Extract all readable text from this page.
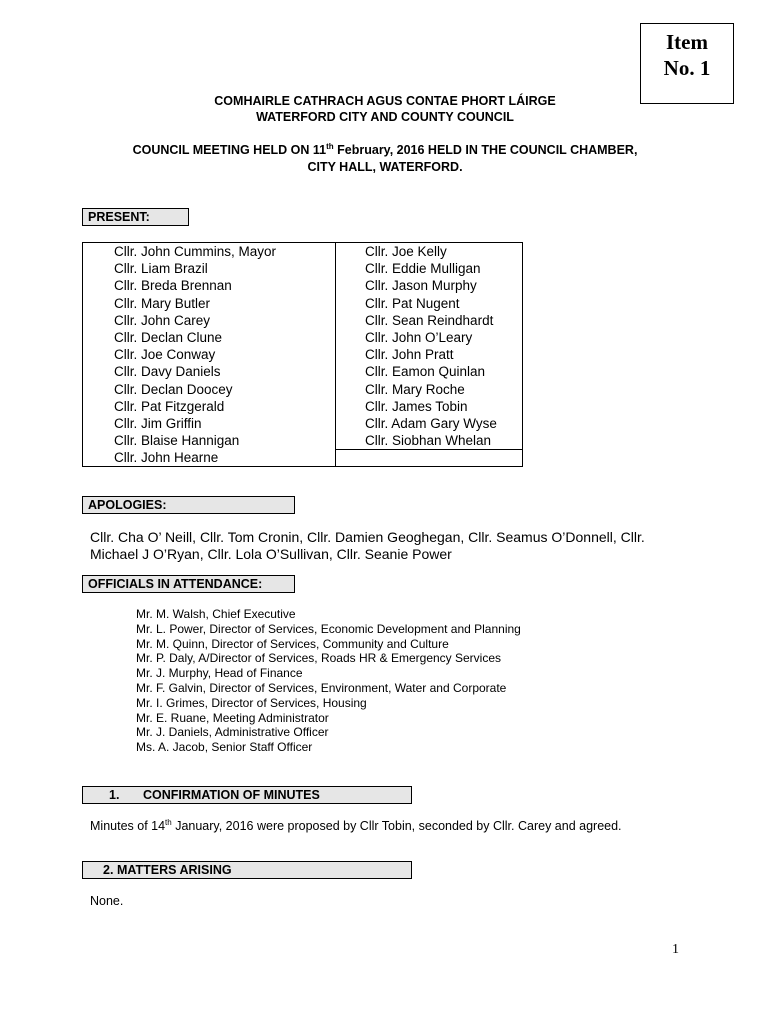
Item
No. 1
COMHAIRLE CATHRACH AGUS CONTAE PHORT LÁIRGE
WATERFORD CITY AND COUNTY COUNCIL
COUNCIL MEETING HELD ON 11th February, 2016 HELD IN THE COUNCIL CHAMBER,
CITY HALL, WATERFORD.
PRESENT:
Cllr. John Cummins, Mayor
Cllr. Liam Brazil
Cllr. Breda Brennan
Cllr. Mary Butler
Cllr. John Carey
Cllr. Declan Clune
Cllr. Joe Conway
Cllr. Davy Daniels
Cllr. Declan Doocey
Cllr. Pat Fitzgerald
Cllr. Jim Griffin
Cllr. Blaise Hannigan
Cllr. John Hearne
Cllr. Joe Kelly
Cllr. Eddie Mulligan
Cllr. Jason Murphy
Cllr. Pat Nugent
Cllr. Sean Reindhardt
Cllr. John O’Leary
Cllr. John Pratt
Cllr. Eamon Quinlan
Cllr. Mary Roche
Cllr. James Tobin
Cllr. Adam Gary Wyse
Cllr. Siobhan Whelan
APOLOGIES:
Cllr. Cha O’ Neill, Cllr. Tom Cronin, Cllr. Damien Geoghegan, Cllr. Seamus O’Donnell, Cllr.
Michael J O’Ryan, Cllr. Lola O’Sullivan, Cllr. Seanie Power
OFFICIALS IN ATTENDANCE:
Mr. M. Walsh, Chief Executive
Mr. L. Power, Director of Services, Economic Development and Planning
Mr. M. Quinn, Director of Services, Community and Culture
Mr. P. Daly, A/Director of Services, Roads HR & Emergency Services
Mr. J. Murphy, Head of Finance
Mr. F. Galvin, Director of Services, Environment, Water and Corporate
Mr. I. Grimes, Director of Services, Housing
Mr. E. Ruane, Meeting Administrator
Mr. J. Daniels, Administrative Officer
Ms. A. Jacob, Senior Staff Officer
1. CONFIRMATION OF MINUTES
Minutes of 14th January, 2016 were proposed by Cllr Tobin, seconded by Cllr. Carey and agreed.
2. MATTERS ARISING
None.
1
